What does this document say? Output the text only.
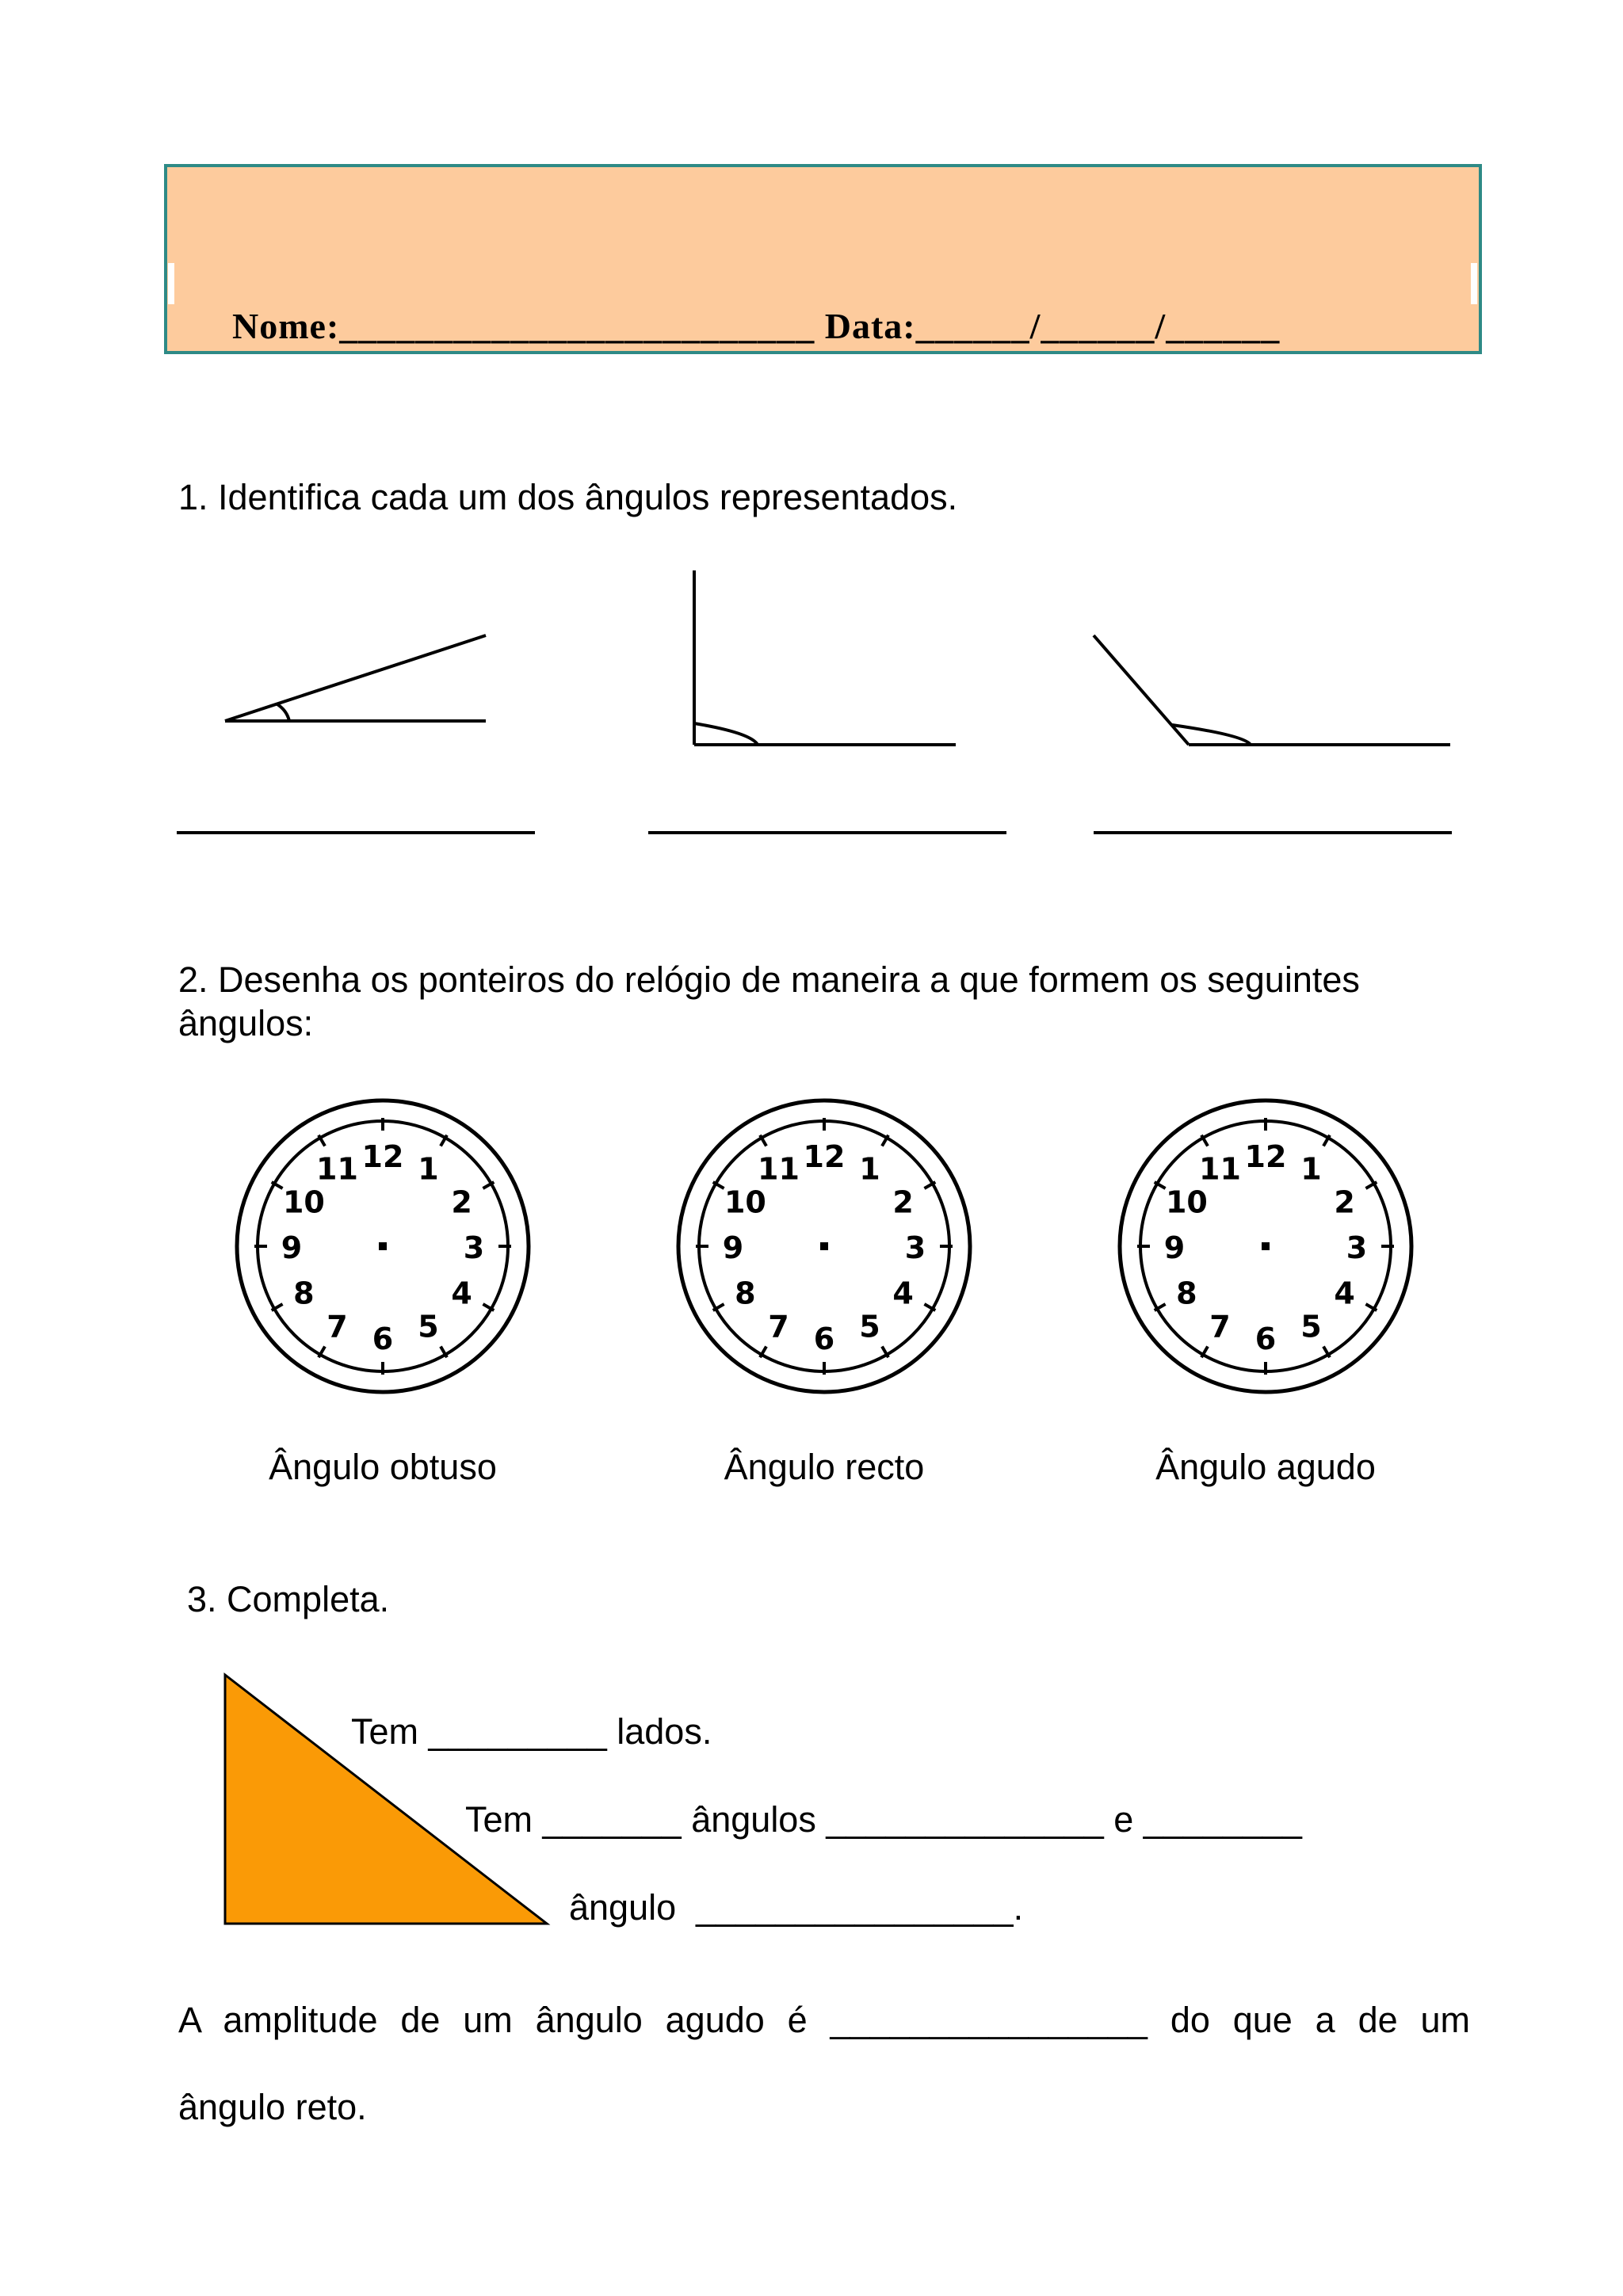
Nome:_________________________ Data:______/______/______
1. Identifica cada um dos ângulos representados.
2. Desenha os ponteiros do relógio de maneira a que formem os seguintes
ângulos:
12 1
2
3
4
5
6
7
8
9
10
11	12 1
2
3
4
5
6
7
8
9
10
11	12 1
2
3
4
5
6
7
8
9
10
11
Ângulo obtuso	Ângulo recto	Ângulo agudo
3. Completa.
Tem _________ lados.
Tem _______ ângulos ______________ e ________
ângulo  ________________.
A amplitude de um ângulo agudo é ________________ do que a de um
ângulo reto.
